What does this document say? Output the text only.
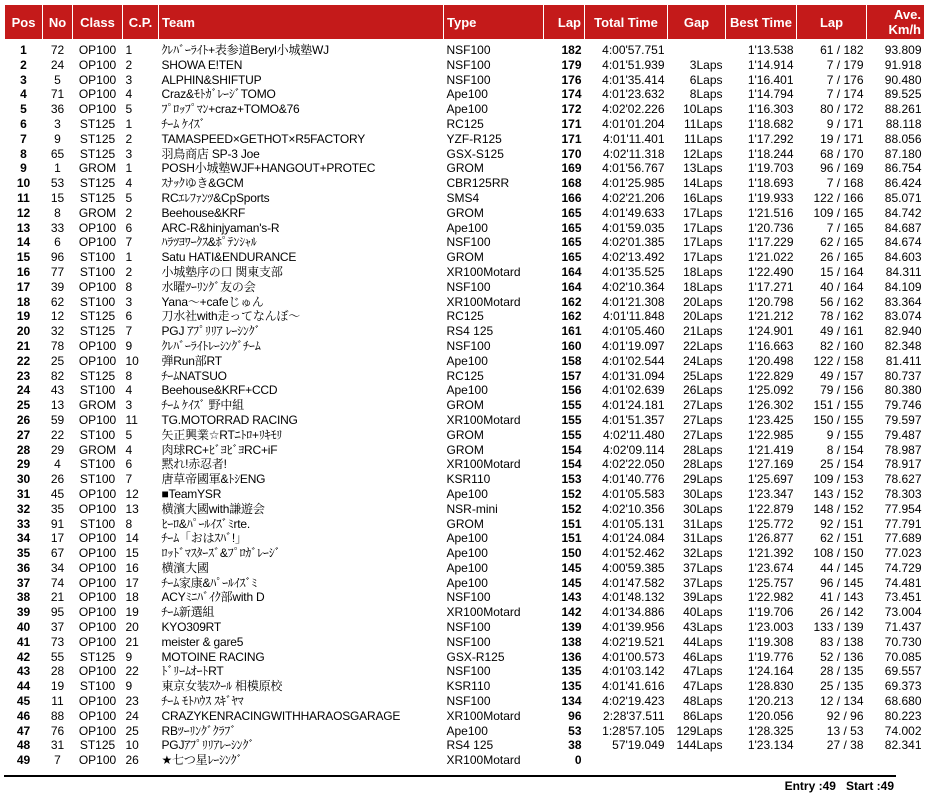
Pos	No	Class	C.P.	Team	Type	Lap	Total Time	Gap	Best Time	Lap	Ave.
Km/h
1	72	OP100	1	ｸﾚﾊﾞｰﾗｲﾄ+表参道Beryl小城塾WJ	NSF100	182	4:00'57.751		1'13.538	61 / 182	93.809
2	24	OP100	2	SHOWA E!TEN	NSF100	179	4:01'51.939	3Laps	1'14.914	7 / 179	91.918
3	5	OP100	3	ALPHIN&SHIFTUP	NSF100	176	4:01'35.414	6Laps	1'16.401	7 / 176	90.480
4	71	OP100	4	Craz&ﾓﾄｶﾞﾚｰｼﾞTOMO	Ape100	174	4:01'23.632	8Laps	1'14.794	7 / 174	89.525
5	36	OP100	5	ﾌﾟﾛｯﾌﾟﾏﾝ+craz+TOMO&76	Ape100	172	4:02'02.226	10Laps	1'16.303	80 / 172	88.261
6	3	ST125	1	ﾁｰﾑ ｹｲｽﾞ	RC125	171	4:01'01.204	11Laps	1'18.682	9 / 171	88.118
7	9	ST125	2	TAMASPEED×GETHOT×R5FACTORY	YZF-R125	171	4:01'11.401	11Laps	1'17.292	19 / 171	88.056
8	65	ST125	3	羽鳥商店 SP-3 Joe	GSX-S125	170	4:02'11.318	12Laps	1'18.244	68 / 170	87.180
9	1	GROM	1	POSH小城塾WJF+HANGOUT+PROTEC	GROM	169	4:01'56.767	13Laps	1'19.703	96 / 169	86.754
10	53	ST125	4	ｽﾅｯｸゆき&GCM	CBR125RR	168	4:01'25.985	14Laps	1'18.693	7 / 168	86.424
11	15	ST125	5	RCｴﾚﾌｧﾝﾂ&CpSports	SMS4	166	4:02'21.206	16Laps	1'19.933	122 / 166	85.071
12	8	GROM	2	Beehouse&KRF	GROM	165	4:01'49.633	17Laps	1'21.516	109 / 165	84.742
13	33	OP100	6	ARC-R&hinjyaman's-R	Ape100	165	4:01'59.035	17Laps	1'20.736	7 / 165	84.687
14	6	OP100	7	ﾊﾗﾂﾖﾜｰｸｽ&ﾎﾟﾃﾝｼｬﾙ	NSF100	165	4:02'01.385	17Laps	1'17.229	62 / 165	84.674
15	96	ST100	1	Satu HATI&ENDURANCE	GROM	165	4:02'13.492	17Laps	1'21.022	26 / 165	84.603
16	77	ST100	2	小城塾序の口 関東支部	XR100Motard	164	4:01'35.525	18Laps	1'22.490	15 / 164	84.311
17	39	OP100	8	水曜ﾂｰﾘﾝｸﾞ友の会	NSF100	164	4:02'10.364	18Laps	1'17.271	40 / 164	84.109
18	62	ST100	3	Yana～+cafeじゅん	XR100Motard	162	4:01'21.308	20Laps	1'20.798	56 / 162	83.364
19	12	ST125	6	刀水社with走ってなんぼ～	RC125	162	4:01'11.848	20Laps	1'21.212	78 / 162	83.074
20	32	ST125	7	PGJ ｱﾌﾟﾘﾘｱ ﾚｰｼﾝｸﾞ	RS4 125	161	4:01'05.460	21Laps	1'24.901	49 / 161	82.940
21	78	OP100	9	ｸﾚﾊﾞｰﾗｲﾄﾚｰｼﾝｸﾞﾁｰﾑ	NSF100	160	4:01'19.097	22Laps	1'16.663	82 / 160	82.348
22	25	OP100	10	弾Run部RT	Ape100	158	4:01'02.544	24Laps	1'20.498	122 / 158	81.411
23	82	ST125	8	ﾁｰﾑNATSUO	RC125	157	4:01'31.094	25Laps	1'22.829	49 / 157	80.737
24	43	ST100	4	Beehouse&KRF+CCD	Ape100	156	4:01'02.639	26Laps	1'25.092	79 / 156	80.380
25	13	GROM	3	ﾁｰﾑ ｹｲｽﾞ 野中組	GROM	155	4:01'24.181	27Laps	1'26.302	151 / 155	79.746
26	59	OP100	11	TG.MOTORRAD RACING	XR100Motard	155	4:01'51.357	27Laps	1'23.425	150 / 155	79.597
27	22	ST100	5	矢正興業☆RTﾆﾄﾛ+ﾘｷﾓﾘ	GROM	155	4:02'11.480	27Laps	1'22.985	9 / 155	79.487
28	29	GROM	4	肉球RC+ﾋﾞﾖﾋﾞﾖRC+iF	GROM	154	4:02'09.114	28Laps	1'21.419	8 / 154	78.987
29	4	ST100	6	黙れ!赤忍者!	XR100Motard	154	4:02'22.050	28Laps	1'27.169	25 / 154	78.917
30	26	ST100	7	唐草帝國軍&ﾄｼENG	KSR110	153	4:01'40.776	29Laps	1'25.697	109 / 153	78.627
31	45	OP100	12	■TeamYSR	Ape100	152	4:01'05.583	30Laps	1'23.347	143 / 152	78.303
32	35	OP100	13	横濱大國with謙遊会	NSR-mini	152	4:02'10.356	30Laps	1'22.879	148 / 152	77.954
33	91	ST100	8	ﾋｰﾛ&ﾊﾟｰﾙｲｽﾞﾐrte.	GROM	151	4:01'05.131	31Laps	1'25.772	92 / 151	77.791
34	17	OP100	14	ﾁｰﾑ「おはｽﾊﾞ!」	Ape100	151	4:01'24.084	31Laps	1'26.877	62 / 151	77.689
35	67	OP100	15	ﾛｯﾄﾞﾏｽﾀｰｽﾞ&ﾌﾟﾛｶﾞﾚｰｼﾞ	Ape100	150	4:01'52.462	32Laps	1'21.392	108 / 150	77.023
36	34	OP100	16	横濱大國	Ape100	145	4:00'59.385	37Laps	1'23.674	44 / 145	74.729
37	74	OP100	17	ﾁｰﾑ家康&ﾊﾟｰﾙｲｽﾞﾐ	Ape100	145	4:01'47.582	37Laps	1'25.757	96 / 145	74.481
38	21	OP100	18	ACYﾐﾆﾊﾞｲｸ部with D	NSF100	143	4:01'48.132	39Laps	1'22.982	41 / 143	73.451
39	95	OP100	19	ﾁｰﾑ新選組	XR100Motard	142	4:01'34.886	40Laps	1'19.706	26 / 142	73.004
40	37	OP100	20	KYO309RT	NSF100	139	4:01'39.956	43Laps	1'23.003	133 / 139	71.437
41	73	OP100	21	meister & gare5	NSF100	138	4:02'19.521	44Laps	1'19.308	83 / 138	70.730
42	55	ST125	9	MOTOINE RACING	GSX-R125	136	4:01'00.573	46Laps	1'19.776	52 / 136	70.085
43	28	OP100	22	ﾄﾞﾘｰﾑｵｰﾄRT	NSF100	135	4:01'03.142	47Laps	1'24.164	28 / 135	69.557
44	19	ST100	9	東京女装ｽｸｰﾙ 相模原校	KSR110	135	4:01'41.616	47Laps	1'28.830	25 / 135	69.373
45	11	OP100	23	ﾁｰﾑ ﾓﾄﾊｳｽ ｽｷﾞﾔﾏ	NSF100	134	4:02'19.423	48Laps	1'20.213	12 / 134	68.680
46	88	OP100	24	CRAZYKENRACINGWITHHARAOSGARAGE	XR100Motard	96	2:28'37.511	86Laps	1'20.056	92 / 96	80.223
47	76	OP100	25	RBﾂｰﾘﾝｸﾞｸﾗﾌﾞ	Ape100	53	1:28'57.105	129Laps	1'28.325	13 / 53	74.002
48	31	ST125	10	PGJｱﾌﾟﾘﾘｱﾚｰｼﾝｸﾞ	RS4 125	38	57'19.049	144Laps	1'23.134	27 / 38	82.341
49	7	OP100	26	★七つ星ﾚｰｼﾝｸﾞ	XR100Motard	0					
Entry :49 Start :49
